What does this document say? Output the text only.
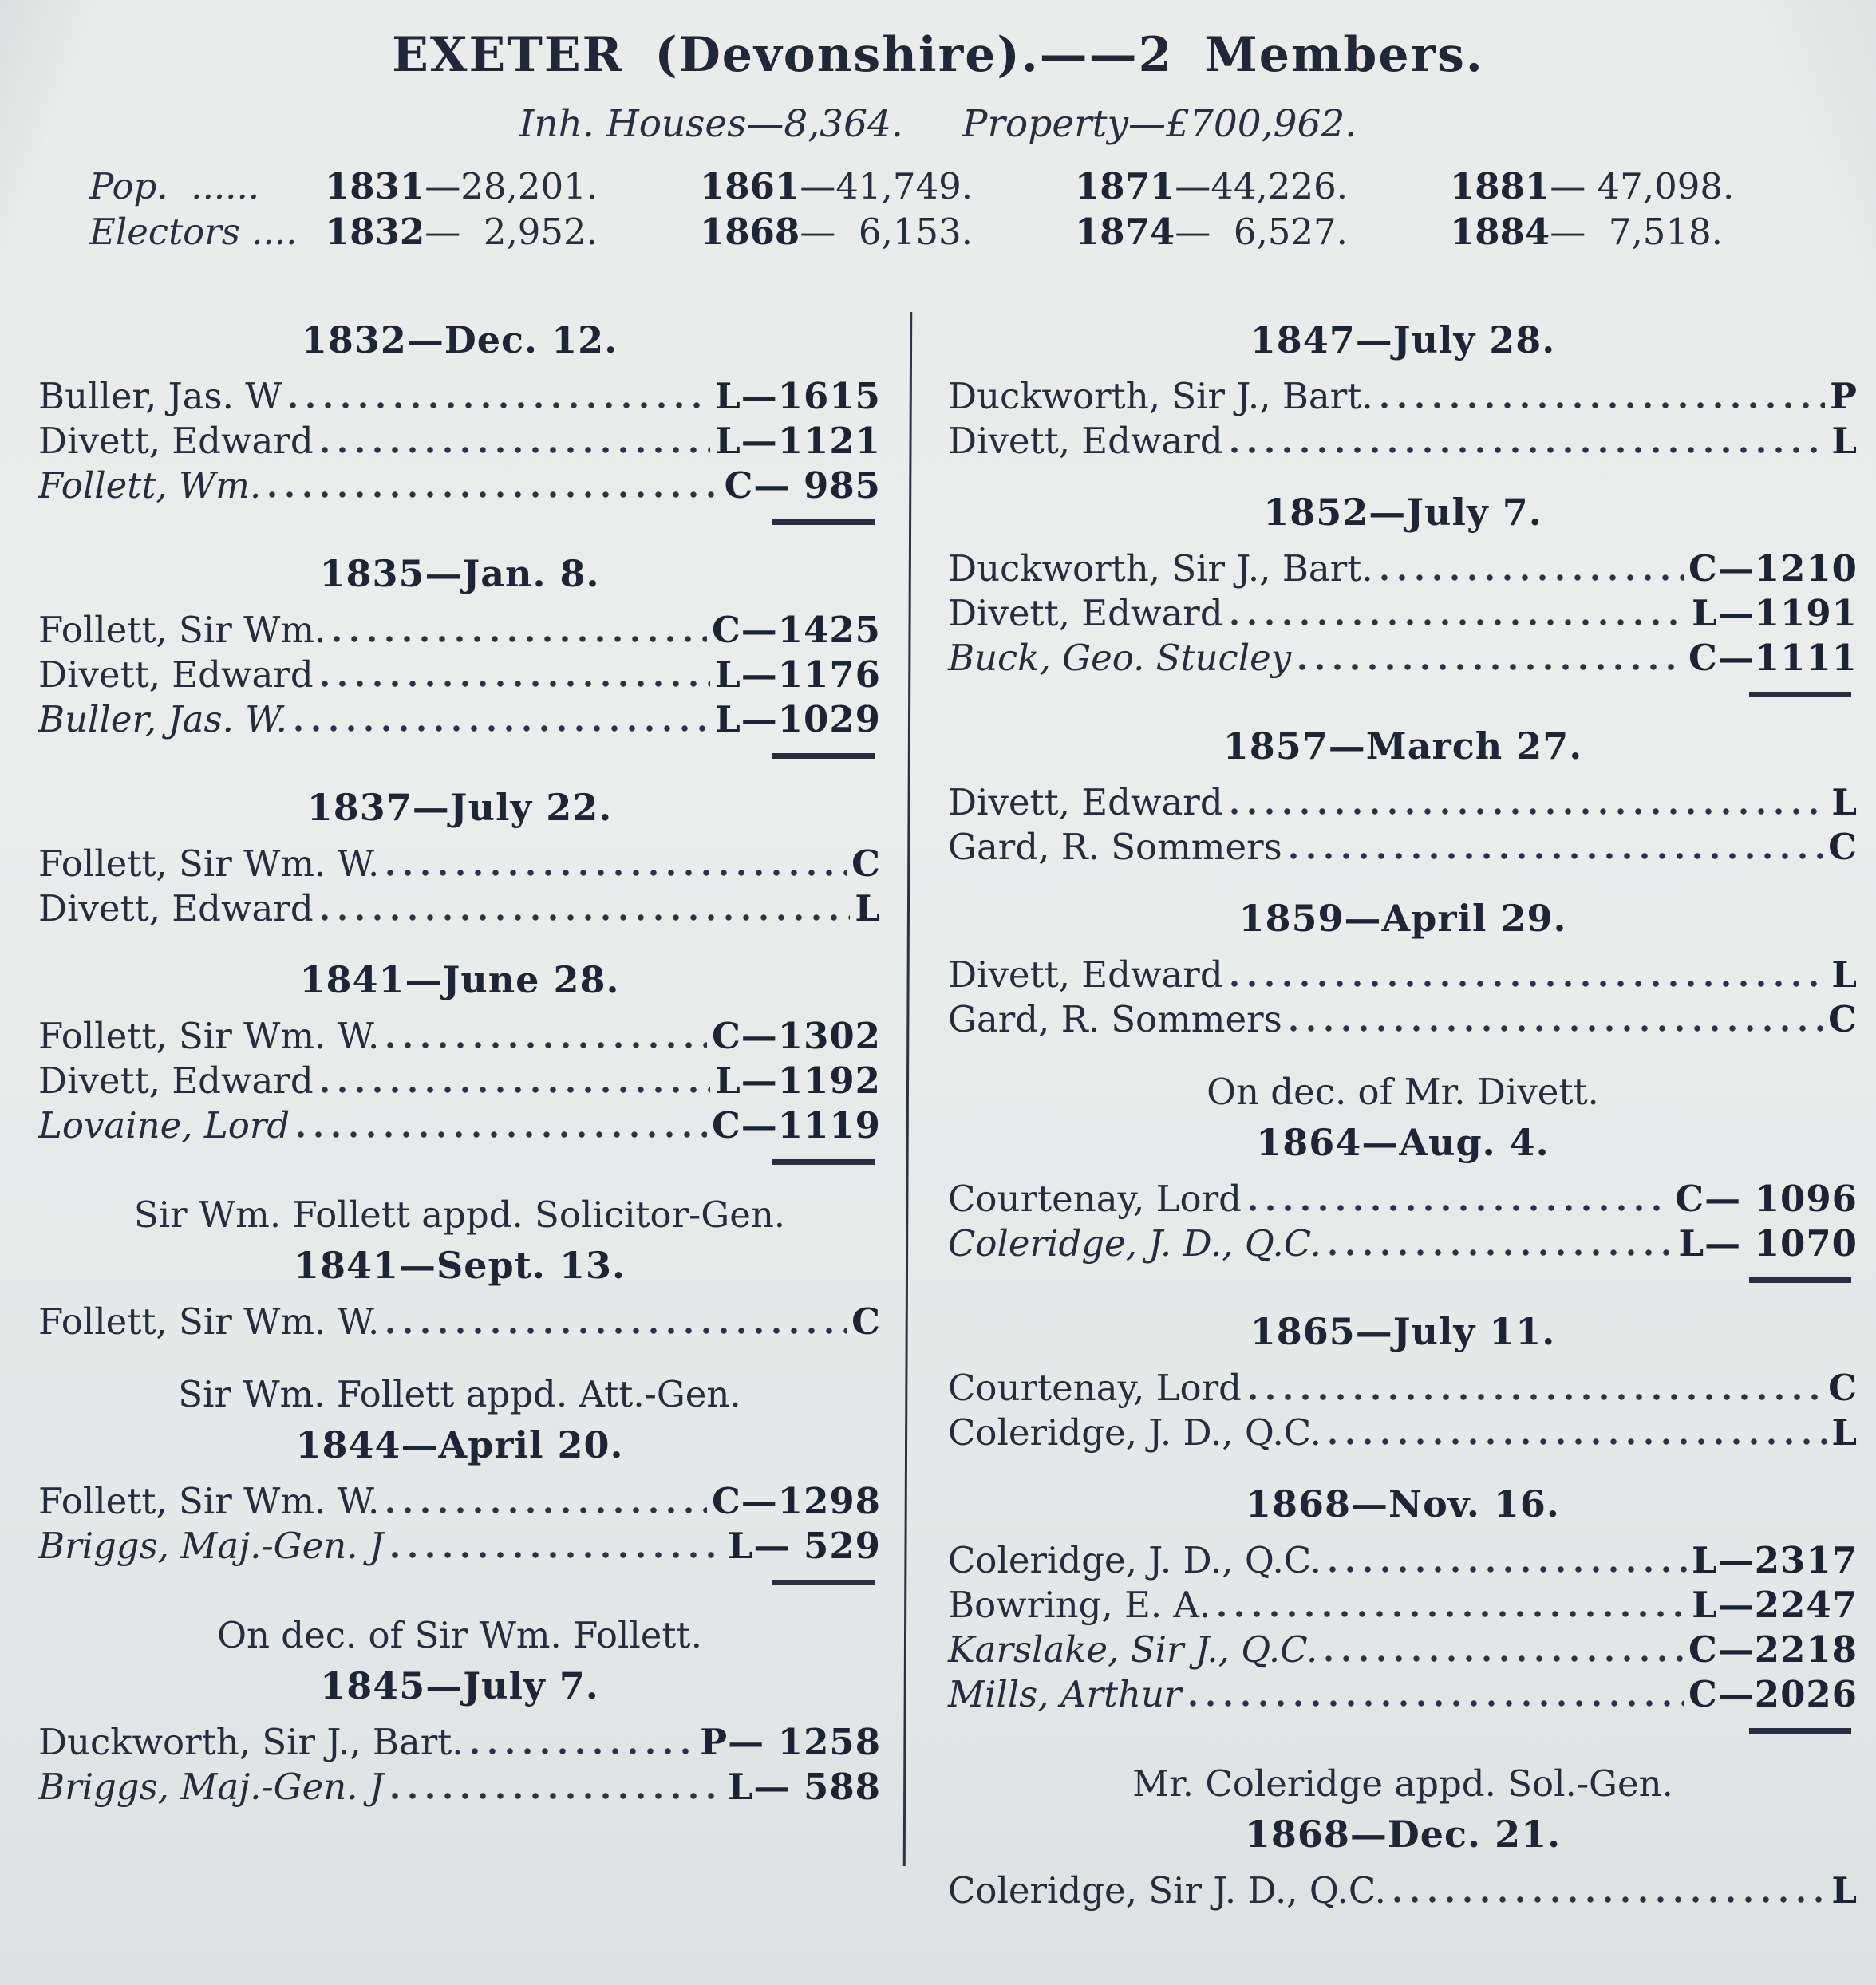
EXETER (Devonshire).——2 Members.
Inh. Houses—8,364. Property—£700,962.
Pop.  ......	1831—28,201.	1861—41,749.	1871—44,226.	1881— 47,098.
Electors .... 1832—  2,952.	1868—  6,153.	1874—  6,527.	1884—  7,518.
1832—Dec. 12.
Buller, Jas. W	L—1615
Divett, Edward	L—1121
Follett, Wm.	C— 985
1835—Jan. 8.
Follett, Sir Wm.	C—1425
Divett, Edward	L—1176
Buller, Jas. W.	L—1029
1837—July 22.
Follett, Sir Wm. W.	C
Divett, Edward	L
1841—June 28.
Follett, Sir Wm. W.	C—1302
Divett, Edward	L—1192
Lovaine, Lord	C—1119
Sir Wm. Follett appd. Solicitor-Gen.
1841—Sept. 13.
Follett, Sir Wm. W.	C
Sir Wm. Follett appd. Att.-Gen.
1844—April 20.
Follett, Sir Wm. W.	C—1298
Briggs, Maj.-Gen. J	L— 529
On dec. of Sir Wm. Follett.
1845—July 7.
Duckworth, Sir J., Bart.	P— 1258
Briggs, Maj.-Gen. J	L— 588
1847—July 28.
Duckworth, Sir J., Bart.	P
Divett, Edward	L
1852—July 7.
Duckworth, Sir J., Bart.	C—1210
Divett, Edward	L—1191
Buck, Geo. Stucley	C—1111
1857—March 27.
Divett, Edward	L
Gard, R. Sommers	C
1859—April 29.
Divett, Edward	L
Gard, R. Sommers	C
On dec. of Mr. Divett.
1864—Aug. 4.
Courtenay, Lord	C— 1096
Coleridge, J. D., Q.C.	L— 1070
1865—July 11.
Courtenay, Lord	C
Coleridge, J. D., Q.C.	L
1868—Nov. 16.
Coleridge, J. D., Q.C.	L—2317
Bowring, E. A.	L—2247
Karslake, Sir J., Q.C.	C—2218
Mills, Arthur	C—2026
Mr. Coleridge appd. Sol.-Gen.
1868—Dec. 21.
Coleridge, Sir J. D., Q.C.	L
